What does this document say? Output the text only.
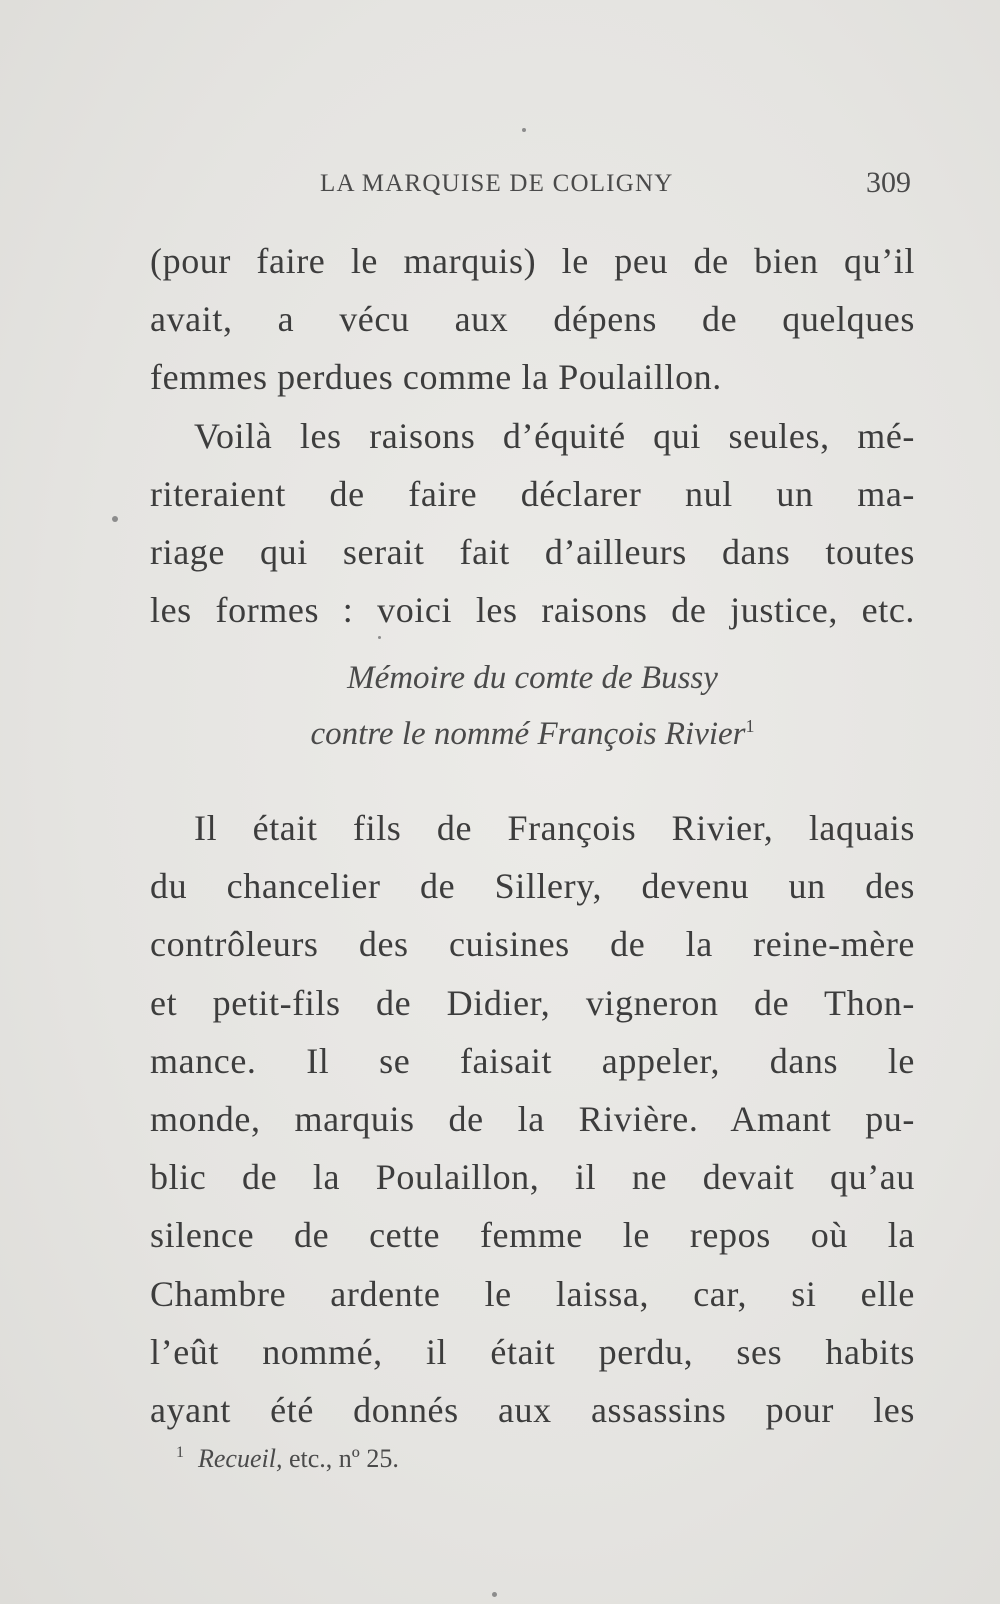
LA MARQUISE DE COLIGNY	309
(pour faire le marquis) le peu de bien qu’il
avait, a vécu aux dépens de quelques
femmes perdues comme la Poulaillon.
Voilà les raisons d’équité qui seules, mé-
riteraient de faire déclarer nul un ma-
riage qui serait fait d’ailleurs dans toutes
les formes : voici les raisons de justice, etc.
Mémoire du comte de Bussy
contre le nommé François Rivier$^1$
Il était fils de François Rivier, laquais
du chancelier de Sillery, devenu un des
contrôleurs des cuisines de la reine-mère
et petit-fils de Didier, vigneron de Thon-
mance. Il se faisait appeler, dans le
monde, marquis de la Rivière. Amant pu-
blic de la Poulaillon, il ne devait qu’au
silence de cette femme le repos où la
Chambre ardente le laissa, car, si elle
l’eût nommé, il était perdu, ses habits
ayant été donnés aux assassins pour les
$^1$ Recueil, etc., nº 25.
